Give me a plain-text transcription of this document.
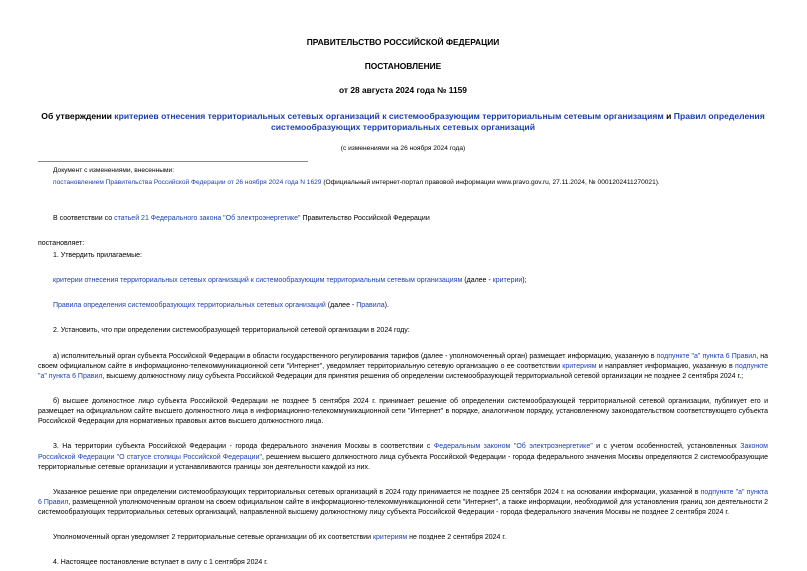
ПРАВИТЕЛЬСТВО РОССИЙСКОЙ ФЕДЕРАЦИИ
ПОСТАНОВЛЕНИЕ
от 28 августа 2024 года № 1159
Об утверждении критериев отнесения территориальных сетевых организаций к системообразующим территориальным сетевым организациям и Правил определения системообразующих территориальных сетевых организаций
(с изменениями на 26 ноября 2024 года)
Документ с изменениями, внесенными:
постановлением Правительства Российской Федерации от 26 ноября 2024 года N 1629 (Официальный интернет-портал правовой информации www.pravo.gov.ru, 27.11.2024, № 0001202411270021).

В соответствии со статьей 21 Федерального закона "Об электроэнергетике" Правительство Российской Федерации

постановляет:

1. Утвердить прилагаемые:

критерии отнесения территориальных сетевых организаций к системообразующим территориальным сетевым организациям (далее - критерии);

Правила определения системообразующих территориальных сетевых организаций (далее - Правила).

2. Установить, что при определении системообразующей территориальной сетевой организации в 2024 году:

а) исполнительный орган субъекта Российской Федерации в области государственного регулирования тарифов (далее - уполномоченный орган) размещает информацию, указанную в подпункте "а" пункта 6 Правил, на своем официальном сайте в информационно-телекоммуникационной сети "Интернет", уведомляет территориальную сетевую организацию о ее соответствии критериям и направляет информацию, указанную в подпункте "а" пункта 6 Правил, высшему должностному лицу субъекта Российской Федерации для принятия решения об определении системообразующей территориальной сетевой организации не позднее 2 сентября 2024 г.;

б) высшее должностное лицо субъекта Российской Федерации не позднее 5 сентября 2024 г. принимает решение об определении системообразующей территориальной сетевой организации, публикует его и размещает на официальном сайте высшего должностного лица в информационно-телекоммуникационной сети "Интернет" в порядке, аналогичном порядку, установленному законодательством соответствующего субъекта Российской Федерации для нормативных правовых актов высшего должностного лица.

3. На территории субъекта Российской Федерации - города федерального значения Москвы в соответствии с Федеральным законом "Об электроэнергетике" и с учетом особенностей, установленных Законом Российской Федерации "О статусе столицы Российской Федерации", решением высшего должностного лица субъекта Российской Федерации - города федерального значения Москвы определяются 2 системообразующие территориальные сетевые организации и устанавливаются границы зон деятельности каждой из них.

Указанное решение при определении системообразующих территориальных сетевых организаций в 2024 году принимается не позднее 25 сентября 2024 г. на основании информации, указанной в подпункте "а" пункта 6 Правил, размещенной уполномоченным органом на своем официальном сайте в информационно-телекоммуникационной сети "Интернет", а также информации, необходимой для установления границ зон деятельности 2 системообразующих территориальных сетевых организаций, направленной высшему должностному лицу субъекта Российской Федерации - города федерального значения Москвы не позднее 2 сентября 2024 г.

Уполномоченный орган уведомляет 2 территориальные сетевые организации об их соответствии критериям не позднее 2 сентября 2024 г.

4. Настоящее постановление вступает в силу с 1 сентября 2024 г.
